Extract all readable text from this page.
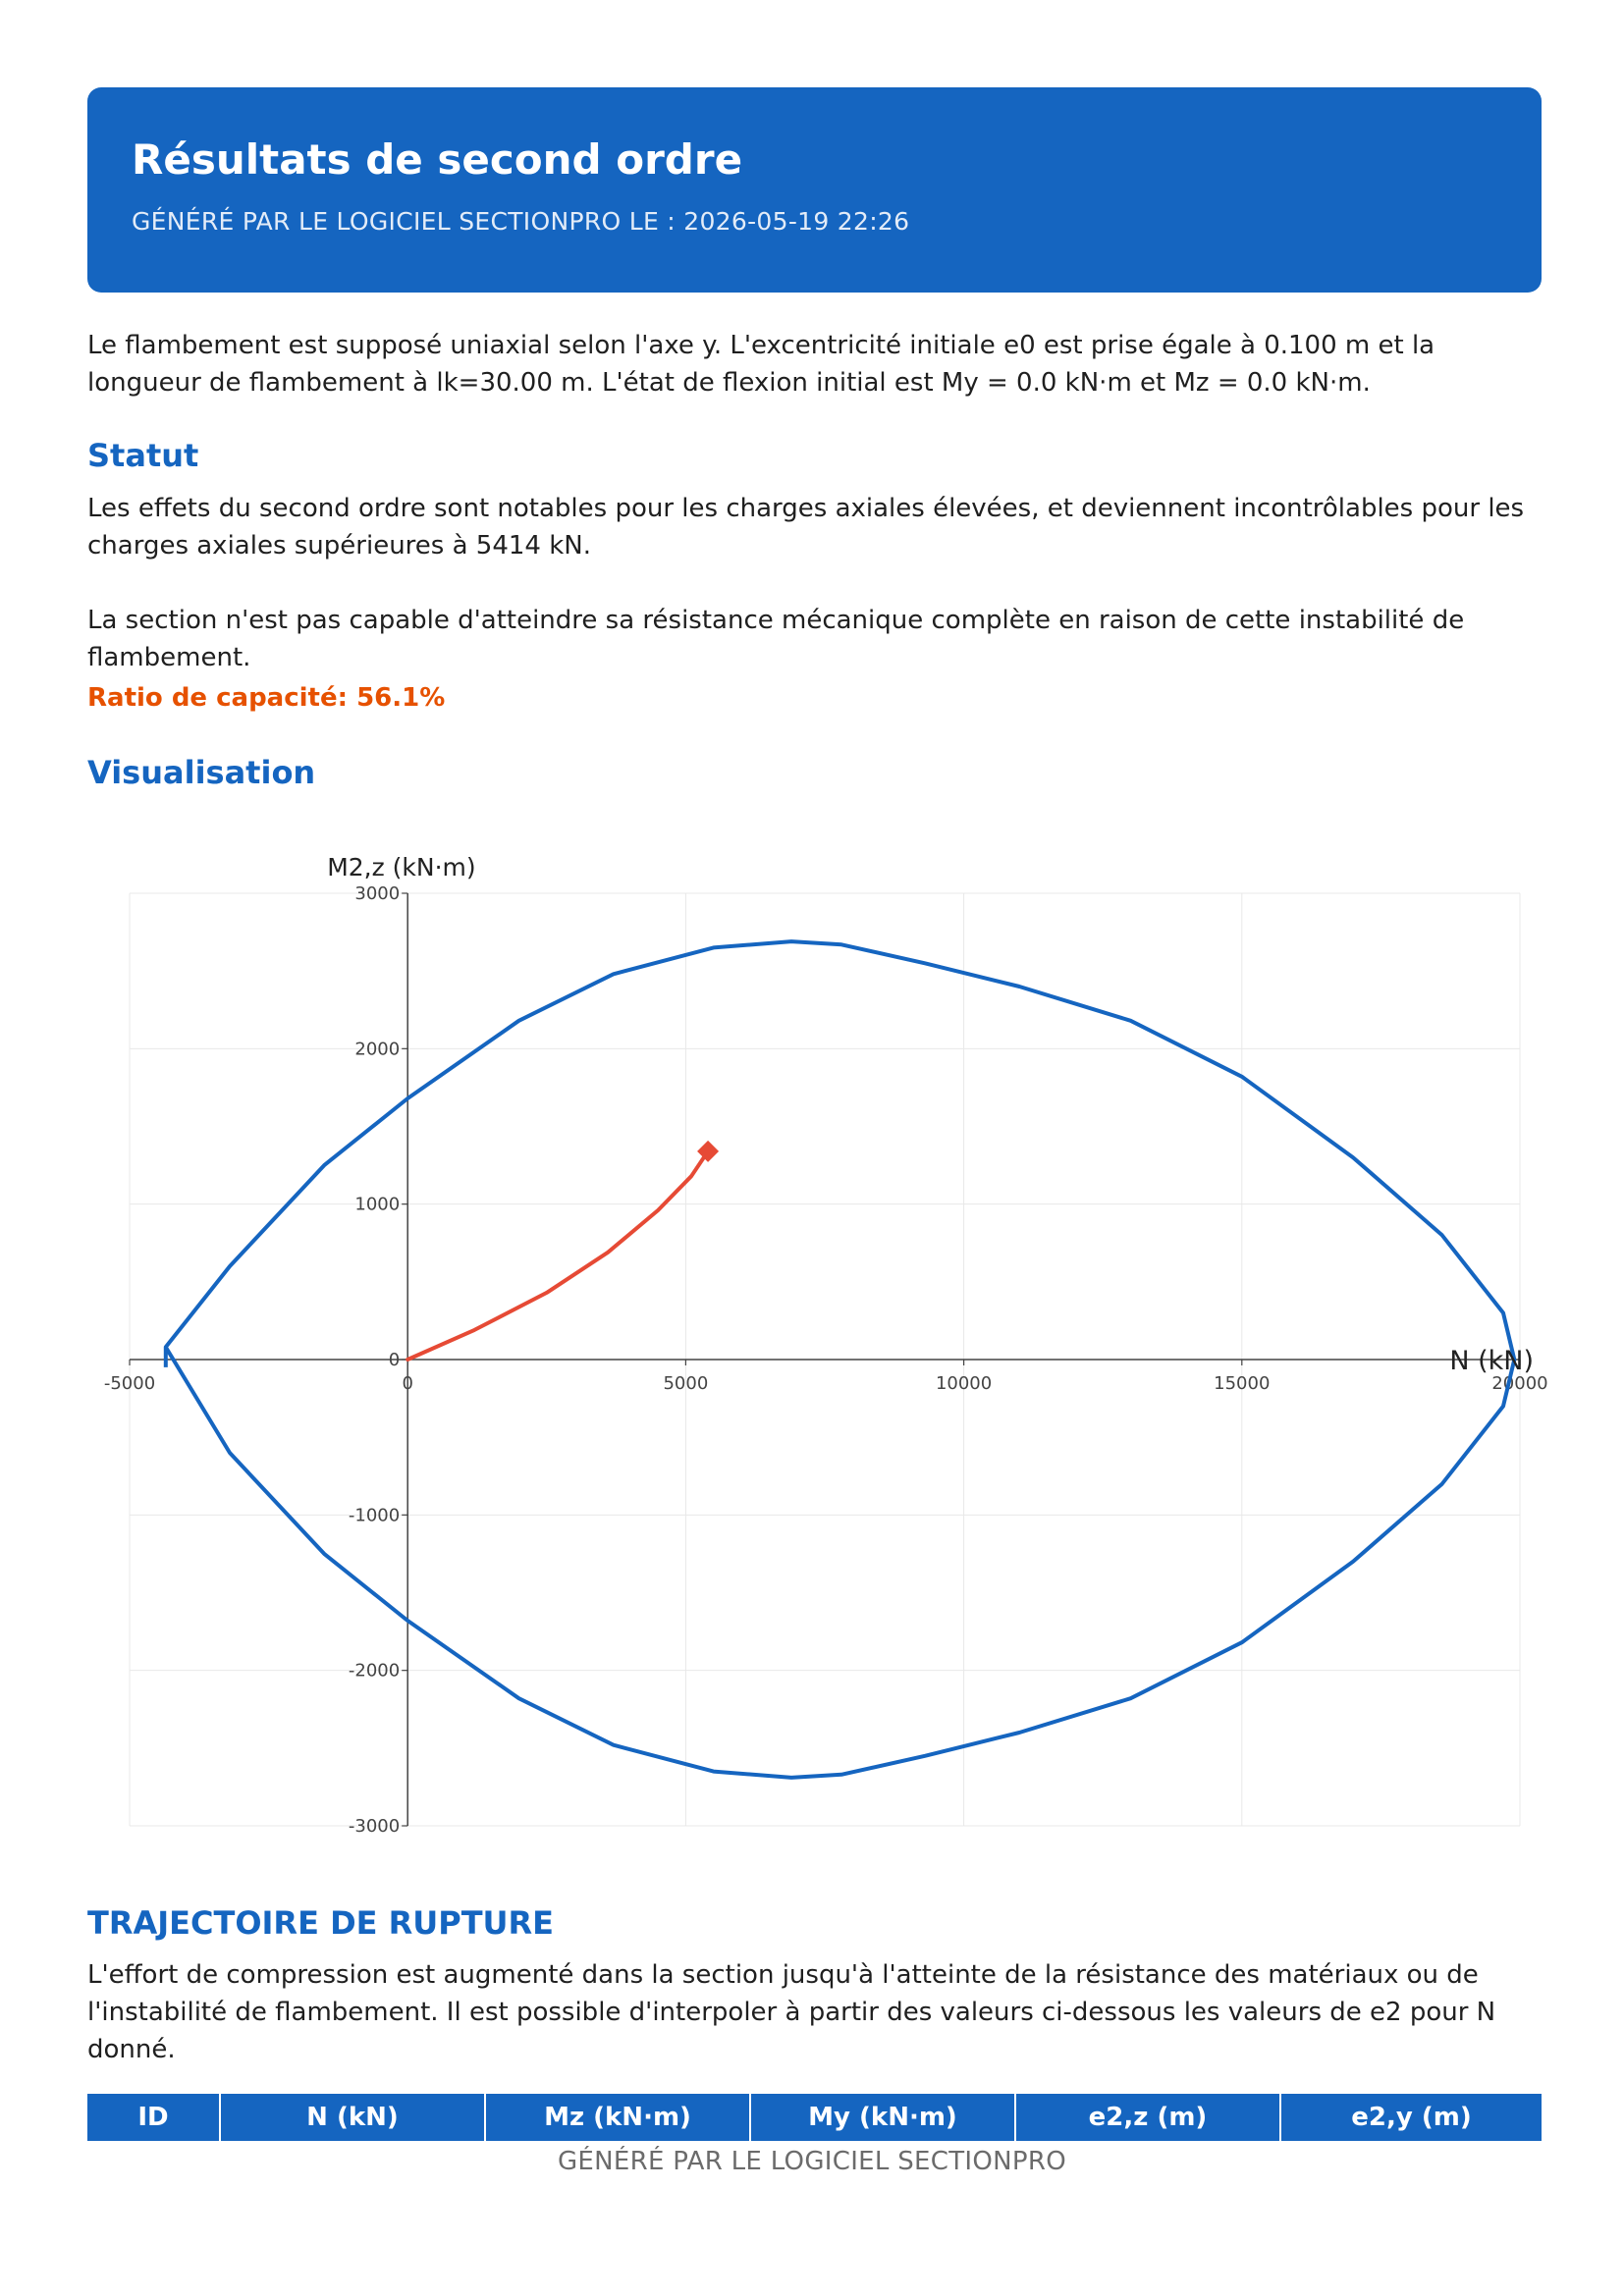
Résultats de second ordre
GÉNÉRÉ PAR LE LOGICIEL SECTIONPRO LE : 2026-05-19 22:26

Le flambement est supposé uniaxial selon l'axe y. L'excentricité initiale e0 est prise égale à 0.100 m et la longueur de flambement à lk=30.00 m. L'état de flexion initial est My = 0.0 kN·m et Mz = 0.0 kN·m.

Statut

Les effets du second ordre sont notables pour les charges axiales élevées, et deviennent incontrôlables pour les charges axiales supérieures à 5414 kN.

La section n'est pas capable d'atteindre sa résistance mécanique complète en raison de cette instabilité de flambement.

Ratio de capacité: 56.1%
Visualisation
-5000	0	5000	10000	15000	20000
3000
2000
1000
0
-1000
-2000
-3000
M2,z (kN·m)
N (kN)
TRAJECTOIRE DE RUPTURE

L'effort de compression est augmenté dans la section jusqu'à l'atteinte de la résistance des matériaux ou de l'instabilité de flambement. Il est possible d'interpoler à partir des valeurs ci-dessous les valeurs de e2 pour N donné.

ID	N (kN)	Mz (kN·m)	My (kN·m)	e2,z (m)	e2,y (m)
GÉNÉRÉ PAR LE LOGICIEL SECTIONPRO
